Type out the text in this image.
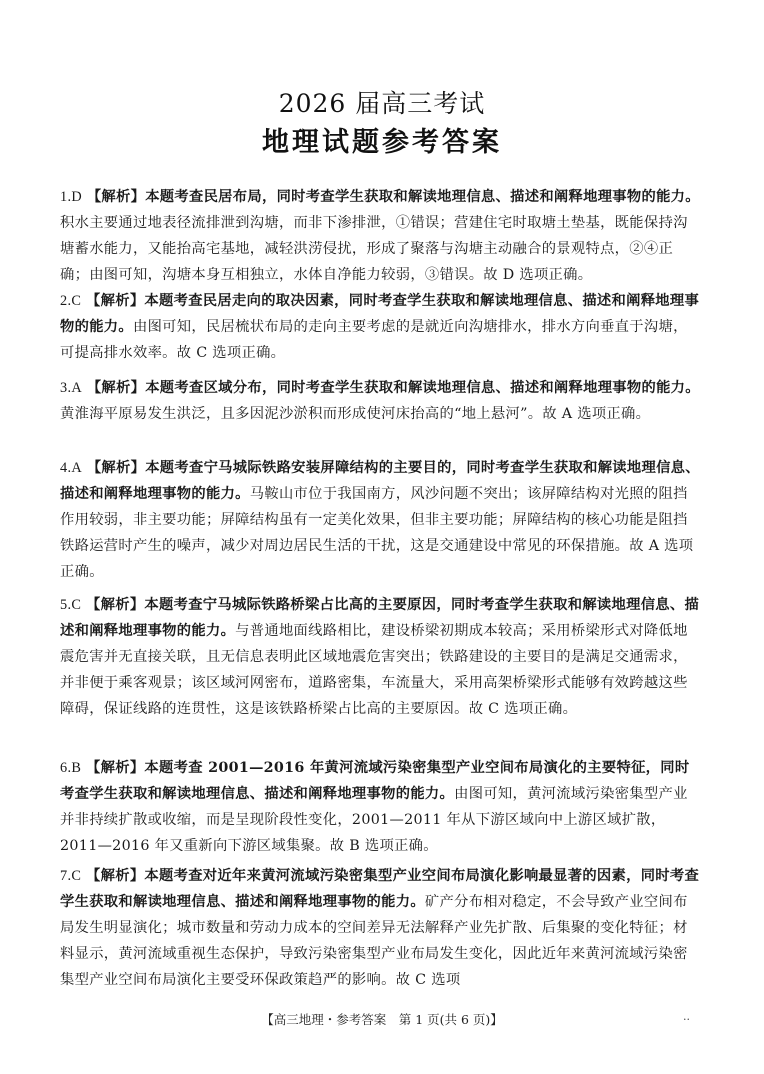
2026 届高三考试
地理试题参考答案

1.D 【解析】本题考查民居布局，同时考查学生获取和解读地理信息、描述和阐释地理事物的能力。积水主要通过地表径流排泄到沟塘，而非下渗排泄，①错误；营建住宅时取塘土垫基，既能保持沟塘蓄水能力，又能抬高宅基地，减轻洪涝侵扰，形成了聚落与沟塘主动融合的景观特点，②④正确；由图可知，沟塘本身互相独立，水体自净能力较弱，③错误。故 D 选项正确。

2.C 【解析】本题考查民居走向的取决因素，同时考查学生获取和解读地理信息、描述和阐释地理事物的能力。由图可知，民居梳状布局的走向主要考虑的是就近向沟塘排水，排水方向垂直于沟塘，可提高排水效率。故 C 选项正确。

3.A 【解析】本题考查区域分布，同时考查学生获取和解读地理信息、描述和阐释地理事物的能力。黄淮海平原易发生洪泛，且多因泥沙淤积而形成使河床抬高的“地上悬河”。故 A 选项正确。

4.A 【解析】本题考查宁马城际铁路安装屏障结构的主要目的，同时考查学生获取和解读地理信息、描述和阐释地理事物的能力。马鞍山市位于我国南方，风沙问题不突出；该屏障结构对光照的阻挡作用较弱，非主要功能；屏障结构虽有一定美化效果，但非主要功能；屏障结构的核心功能是阻挡铁路运营时产生的噪声，减少对周边居民生活的干扰，这是交通建设中常见的环保措施。故 A 选项正确。

5.C 【解析】本题考查宁马城际铁路桥梁占比高的主要原因，同时考查学生获取和解读地理信息、描述和阐释地理事物的能力。与普通地面线路相比，建设桥梁初期成本较高；采用桥梁形式对降低地震危害并无直接关联，且无信息表明此区域地震危害突出；铁路建设的主要目的是满足交通需求，并非便于乘客观景；该区域河网密布，道路密集，车流量大，采用高架桥梁形式能够有效跨越这些障碍，保证线路的连贯性，这是该铁路桥梁占比高的主要原因。故 C 选项正确。

6.B 【解析】本题考查 2001—2016 年黄河流域污染密集型产业空间布局演化的主要特征，同时考查学生获取和解读地理信息、描述和阐释地理事物的能力。由图可知，黄河流域污染密集型产业并非持续扩散或收缩，而是呈现阶段性变化，2001—2011 年从下游区域向中上游区域扩散，2011—2016 年又重新向下游区域集聚。故 B 选项正确。

7.C 【解析】本题考查对近年来黄河流域污染密集型产业空间布局演化影响最显著的因素，同时考查学生获取和解读地理信息、描述和阐释地理事物的能力。矿产分布相对稳定，不会导致产业空间布局发生明显演化；城市数量和劳动力成本的空间差异无法解释产业先扩散、后集聚的变化特征；材料显示，黄河流域重视生态保护，导致污染密集型产业布局发生变化，因此近年来黄河流域污染密集型产业空间布局演化主要受环保政策趋严的影响。故 C 选项

【高三地理・参考答案　第 1 页(共 6 页)】	..
